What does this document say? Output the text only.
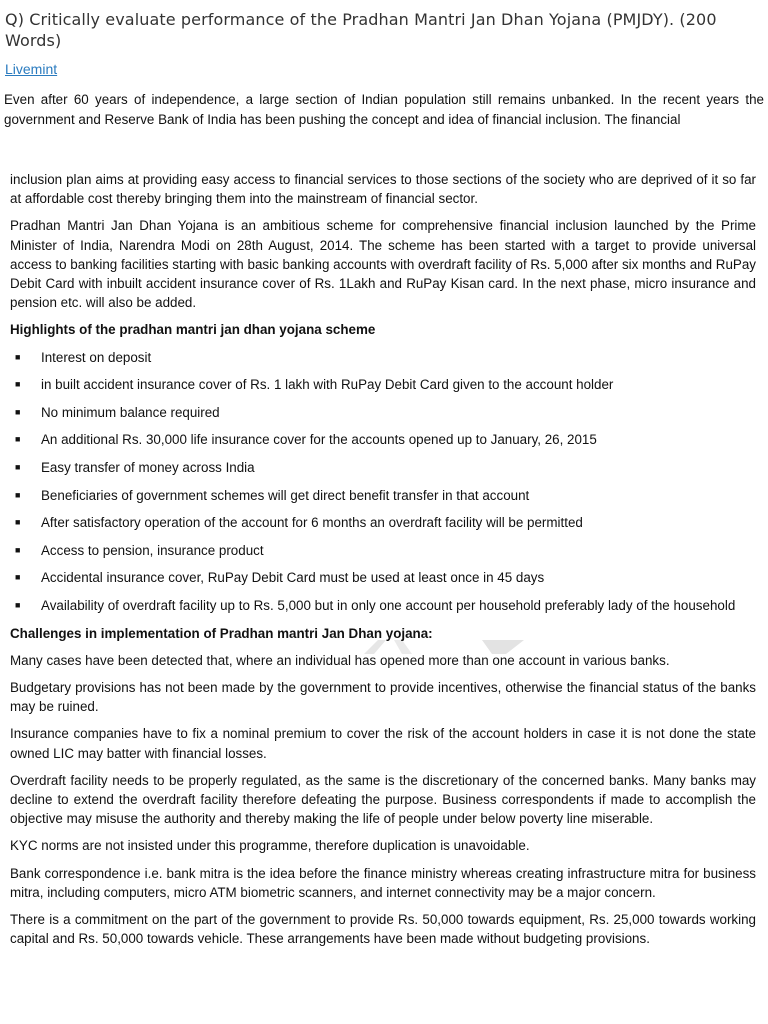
Q) Critically evaluate performance of the Pradhan Mantri Jan Dhan Yojana (PMJDY). (200 Words)
Livemint

Even after 60 years of independence, a large section of Indian population still remains unbanked. In the recent years the government and Reserve Bank of India has been pushing the concept and idea of financial inclusion. The financial

inclusion plan aims at providing easy access to financial services to those sections of the society who are deprived of it so far at affordable cost thereby bringing them into the mainstream of financial sector.

Pradhan Mantri Jan Dhan Yojana is an ambitious scheme for comprehensive financial inclusion launched by the Prime Minister of India, Narendra Modi on 28th August, 2014. The scheme has been started with a target to provide universal access to banking facilities starting with basic banking accounts with overdraft facility of Rs. 5,000 after six months and RuPay Debit Card with inbuilt accident insurance cover of Rs. 1Lakh and RuPay Kisan card. In the next phase, micro insurance and pension etc. will also be added.

Highlights of the pradhan mantri jan dhan yojana scheme

■ Interest on deposit
■ in built accident insurance cover of Rs. 1 lakh with RuPay Debit Card given to the account holder
■ No minimum balance required
■ An additional Rs. 30,000 life insurance cover for the accounts opened up to January, 26, 2015
■ Easy transfer of money across India
■ Beneficiaries of government schemes will get direct benefit transfer in that account
■ After satisfactory operation of the account for 6 months an overdraft facility will be permitted
■ Access to pension, insurance product
■ Accidental insurance cover, RuPay Debit Card must be used at least once in 45 days
■ Availability of overdraft facility up to Rs. 5,000 but in only one account per household preferably lady of the household

Challenges in implementation of Pradhan mantri Jan Dhan yojana:

Many cases have been detected that, where an individual has opened more than one account in various banks.

Budgetary provisions has not been made by the government to provide incentives, otherwise the financial status of the banks may be ruined.

Insurance companies have to fix a nominal premium to cover the risk of the account holders in case it is not done the state owned LIC may batter with financial losses.

Overdraft facility needs to be properly regulated, as the same is the discretionary of the concerned banks. Many banks may decline to extend the overdraft facility therefore defeating the purpose. Business correspondents if made to accomplish the objective may misuse the authority and thereby making the life of people under below poverty line miserable.

KYC norms are not insisted under this programme, therefore duplication is unavoidable.

Bank correspondence i.e. bank mitra is the idea before the finance ministry whereas creating infrastructure mitra for business mitra, including computers, micro ATM biometric scanners, and internet connectivity may be a major concern.

There is a commitment on the part of the government to provide Rs. 50,000 towards equipment, Rs. 25,000 towards working capital and Rs. 50,000 towards vehicle. These arrangements have been made without budgeting provisions.
